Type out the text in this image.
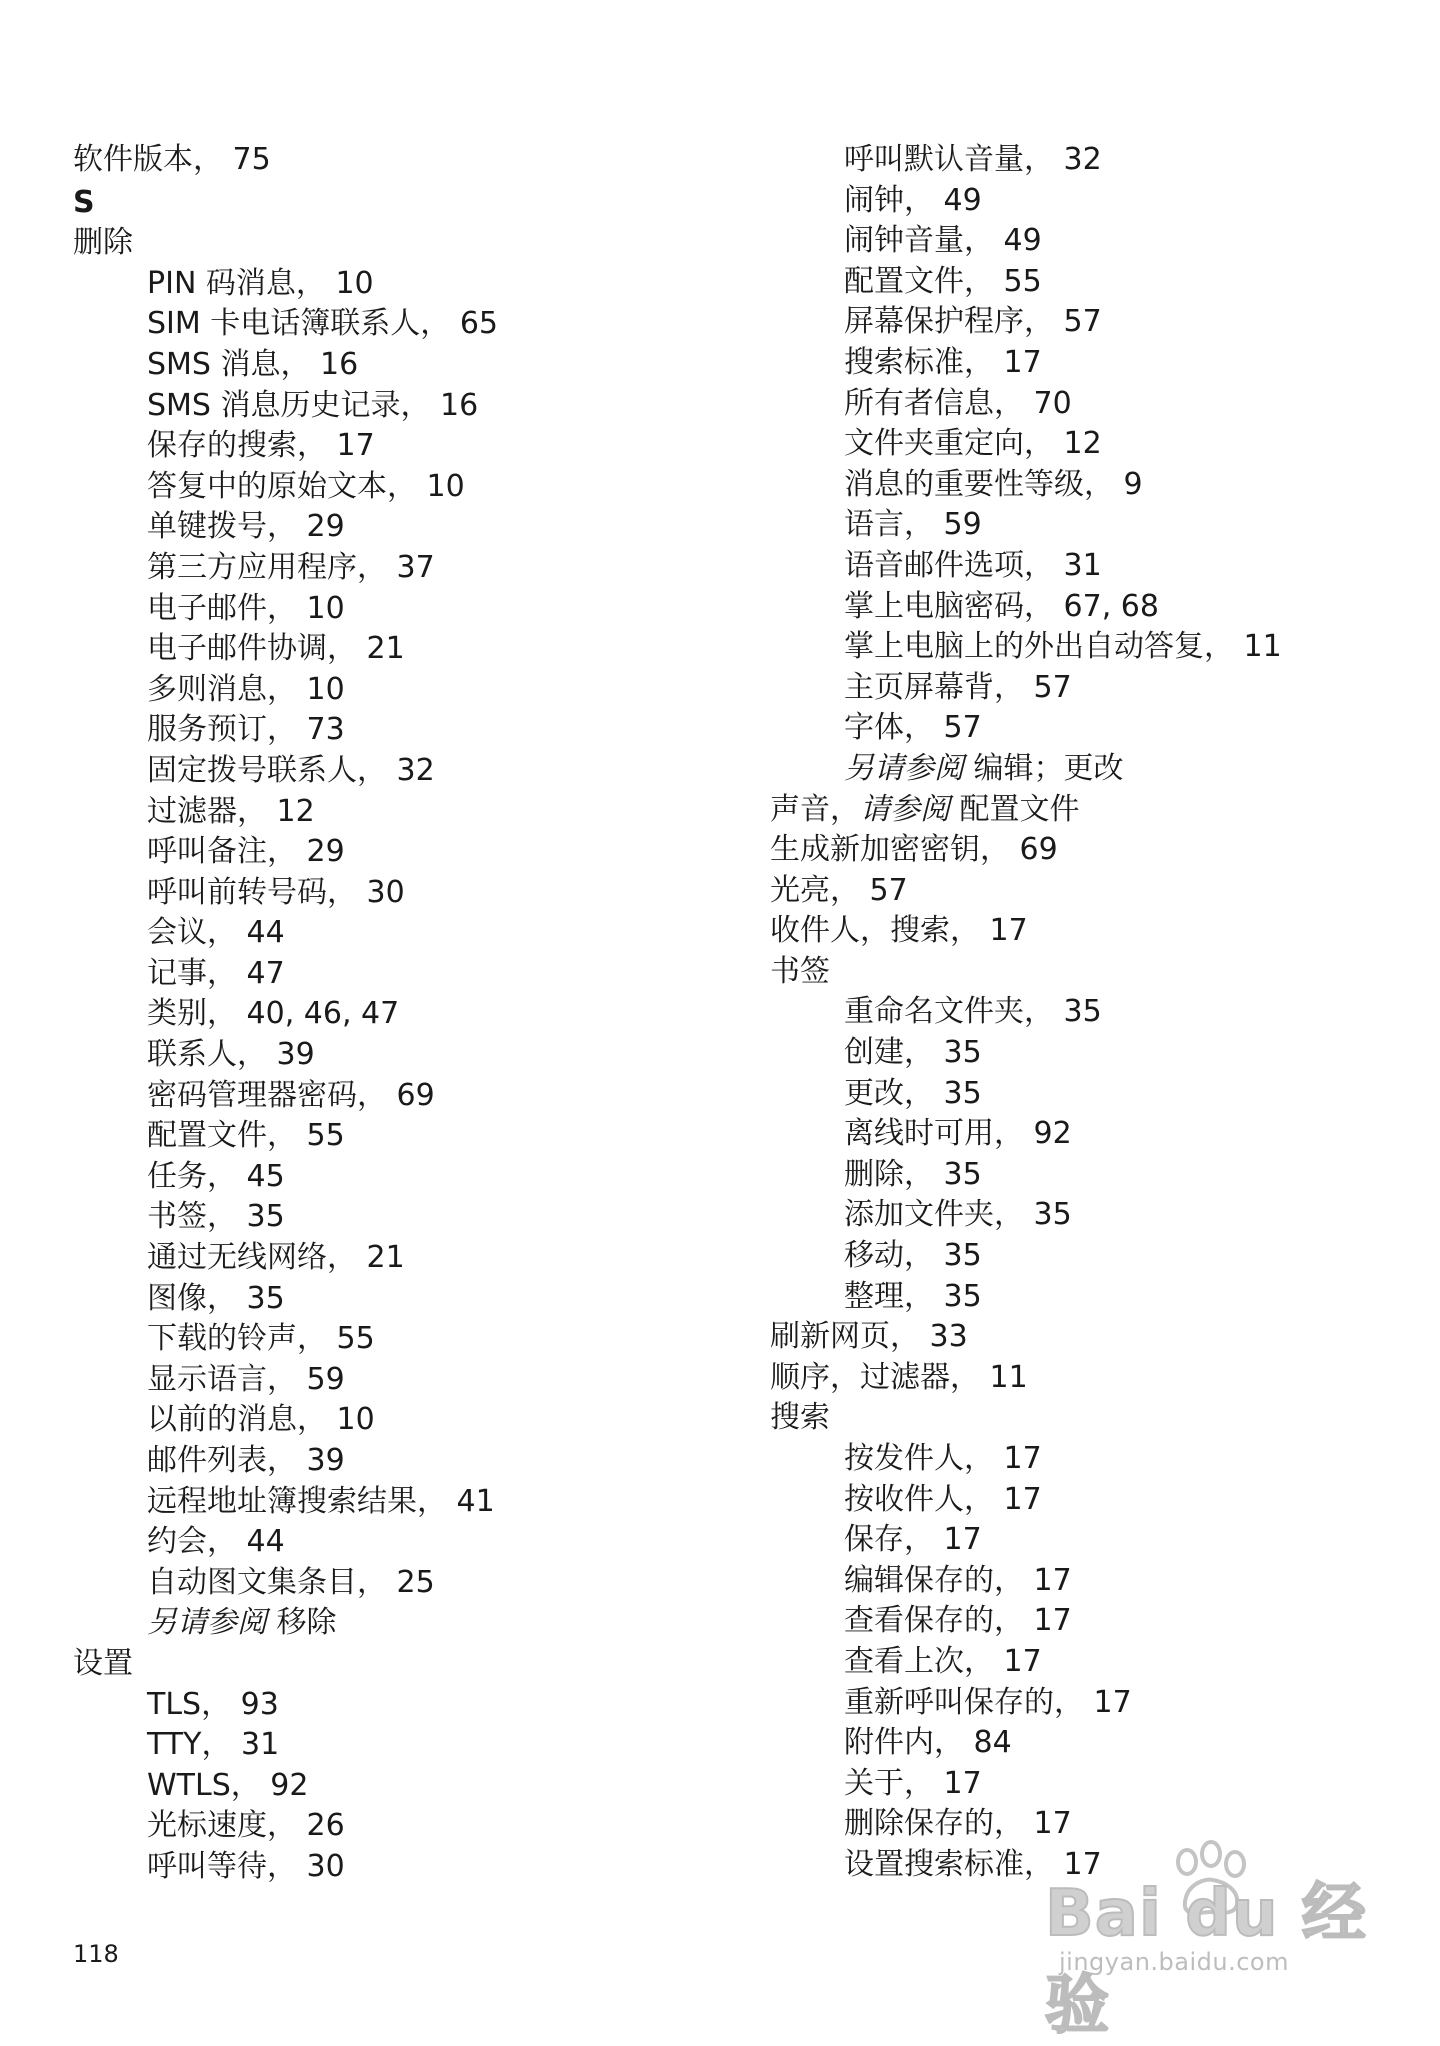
软件版本， 75
S
删除
PIN 码消息， 10
SIM 卡电话簿联系人， 65
SMS 消息， 16
SMS 消息历史记录， 16
保存的搜索， 17
答复中的原始文本， 10
单键拨号， 29
第三方应用程序， 37
电子邮件， 10
电子邮件协调， 21
多则消息， 10
服务预订， 73
固定拨号联系人， 32
过滤器， 12
呼叫备注， 29
呼叫前转号码， 30
会议， 44
记事， 47
类别， 40, 46, 47
联系人， 39
密码管理器密码， 69
配置文件， 55
任务， 45
书签， 35
通过无线网络， 21
图像， 35
下载的铃声， 55
显示语言， 59
以前的消息， 10
邮件列表， 39
远程地址簿搜索结果， 41
约会， 44
自动图文集条目， 25
另请参阅 移除
设置
TLS， 93
TTY， 31
WTLS， 92
光标速度， 26
呼叫等待， 30
呼叫默认音量， 32
闹钟， 49
闹钟音量， 49
配置文件， 55
屏幕保护程序， 57
搜索标准， 17
所有者信息， 70
文件夹重定向， 12
消息的重要性等级， 9
语言， 59
语音邮件选项， 31
掌上电脑密码， 67, 68
掌上电脑上的外出自动答复， 11
主页屏幕背， 57
字体， 57
另请参阅 编辑；更改
声音，请参阅 配置文件
生成新加密密钥， 69
光亮， 57
收件人，搜索， 17
书签
重命名文件夹， 35
创建， 35
更改， 35
离线时可用， 92
删除， 35
添加文件夹， 35
移动， 35
整理， 35
刷新网页， 33
顺序，过滤器， 11
搜索
按发件人， 17
按收件人， 17
保存， 17
编辑保存的， 17
查看保存的， 17
查看上次， 17
重新呼叫保存的， 17
附件内， 84
关于， 17
删除保存的， 17
设置搜索标准， 17
118
Bai du 经验
jingyan.baidu.com
